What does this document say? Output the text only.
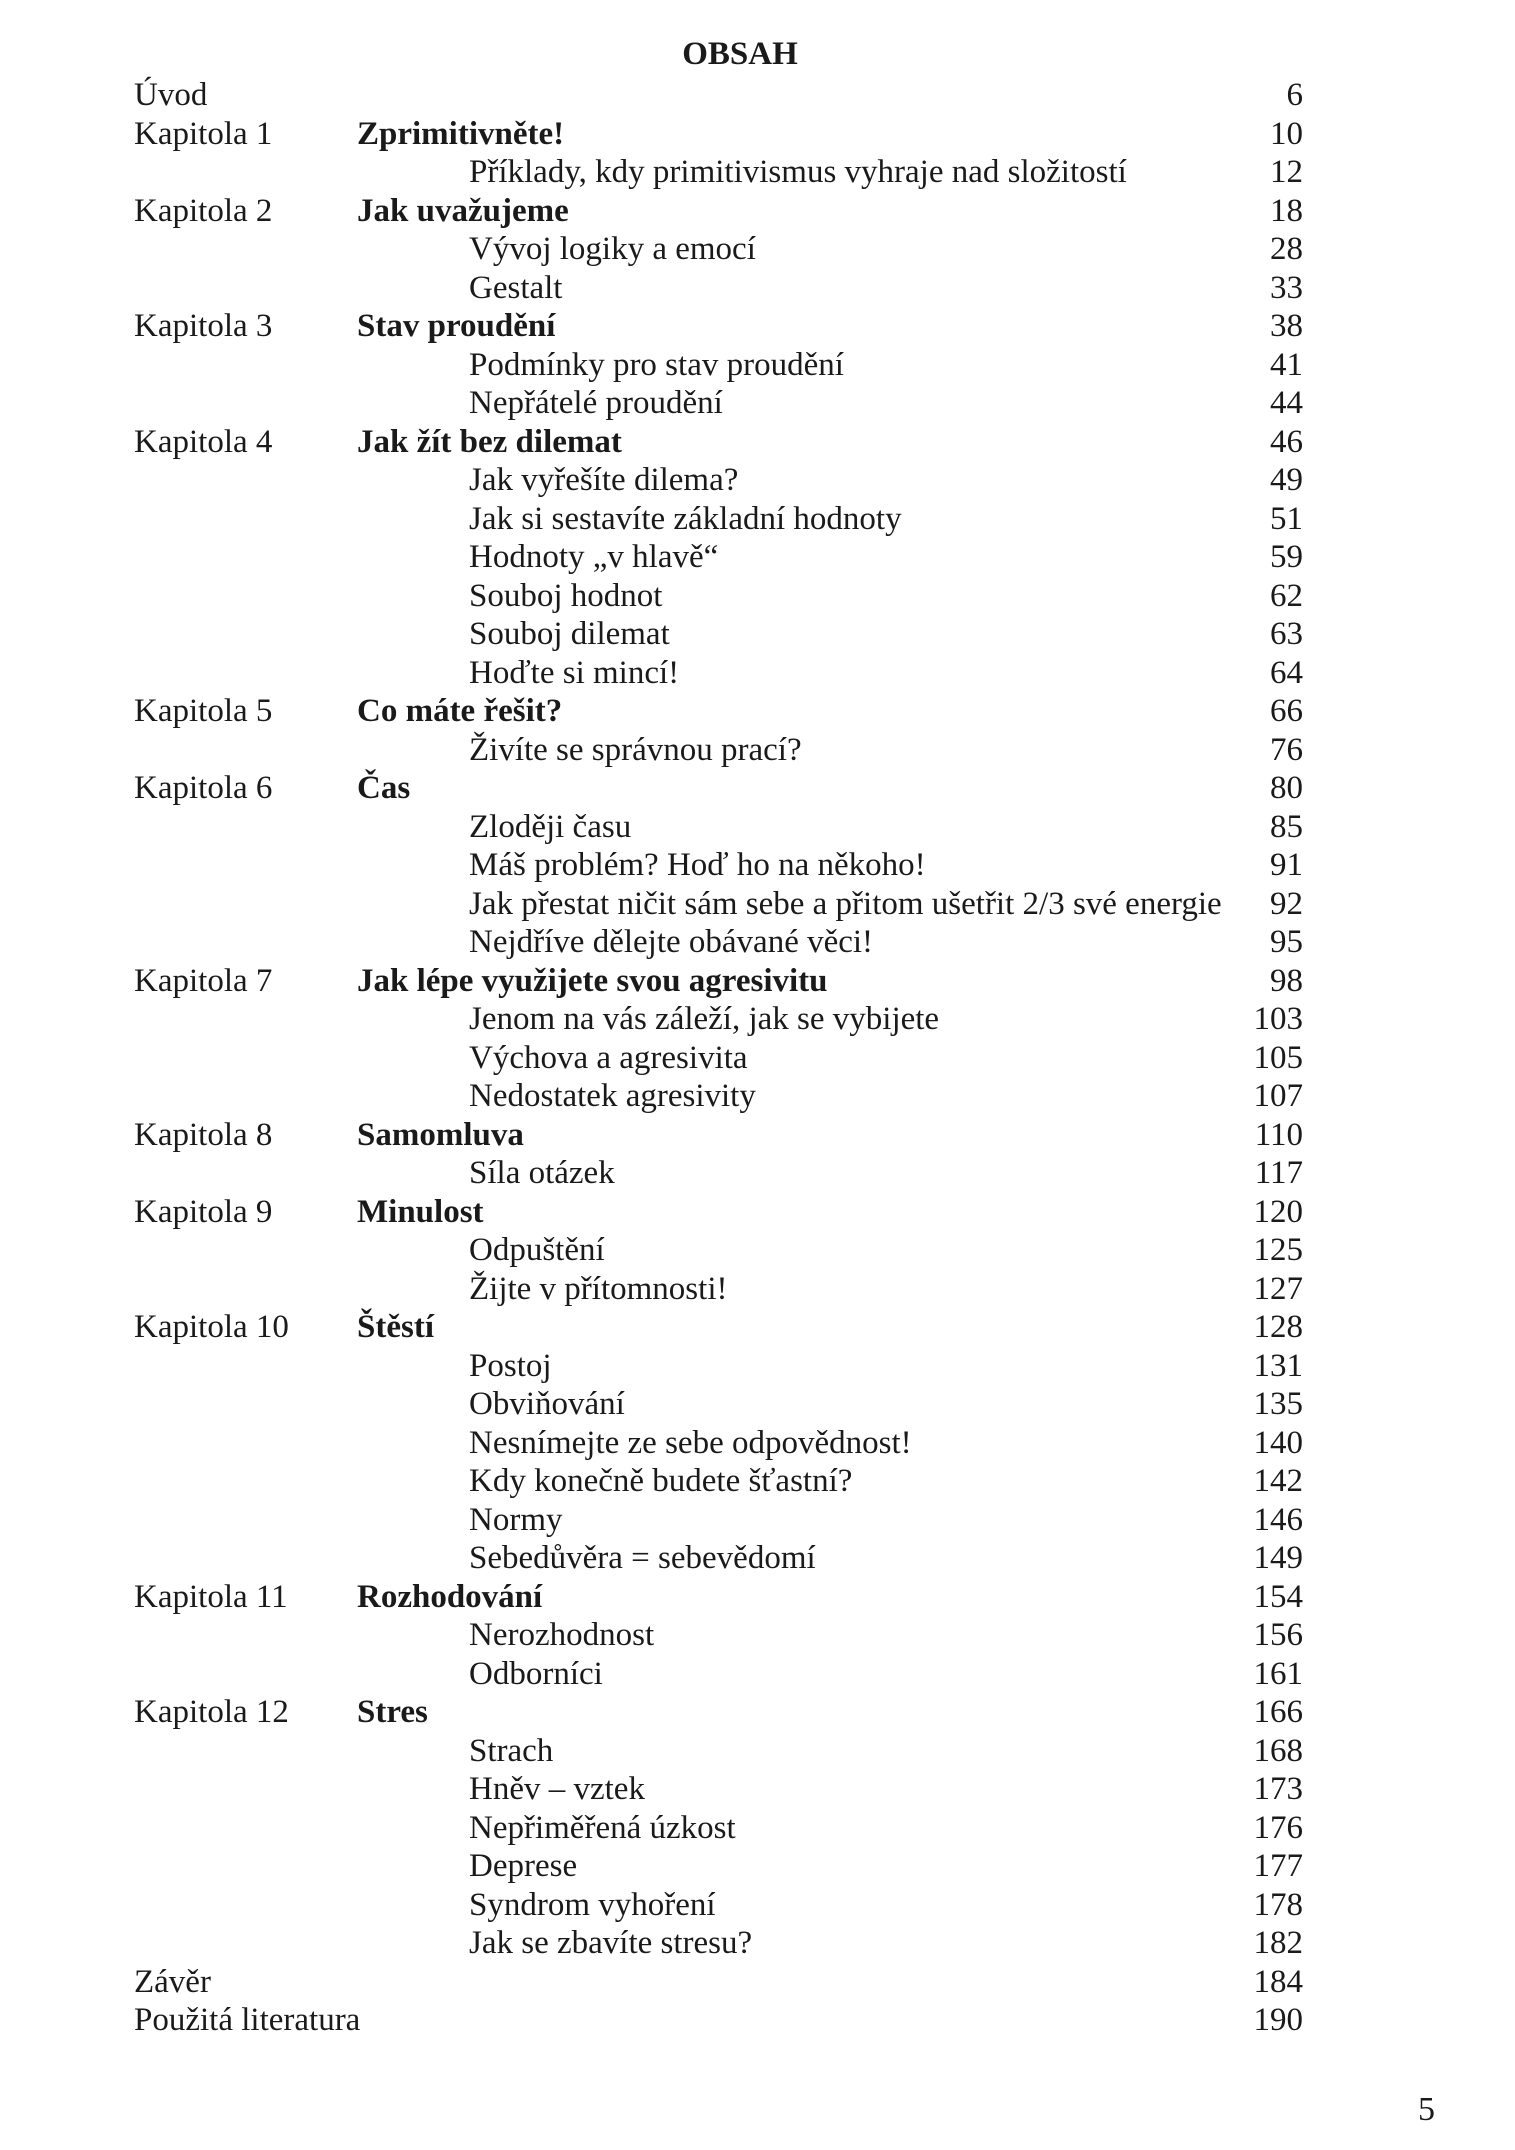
OBSAH
Úvod	6
Kapitola 1	Zprimitivněte!	10
Příklady, kdy primitivismus vyhraje nad složitostí	12
Kapitola 2	Jak uvažujeme	18
Vývoj logiky a emocí	28
Gestalt	33
Kapitola 3	Stav proudění	38
Podmínky pro stav proudění	41
Nepřátelé proudění	44
Kapitola 4	Jak žít bez dilemat	46
Jak vyřešíte dilema?	49
Jak si sestavíte základní hodnoty	51
Hodnoty „v hlavě“	59
Souboj hodnot	62
Souboj dilemat	63
Hoďte si mincí!	64
Kapitola 5	Co máte řešit?	66
Živíte se správnou prací?	76
Kapitola 6	Čas	80
Zloději času	85
Máš problém? Hoď ho na někoho!	91
Jak přestat ničit sám sebe a přitom ušetřit 2/3 své energie 92
Nejdříve dělejte obávané věci!	95
Kapitola 7	Jak lépe využijete svou agresivitu	98
Jenom na vás záleží, jak se vybijete	103
Výchova a agresivita	105
Nedostatek agresivity	107
Kapitola 8	Samomluva	110
Síla otázek	117
Kapitola 9	Minulost	120
Odpuštění	125
Žijte v přítomnosti!	127
Kapitola 10 Štěstí	128
Postoj	131
Obviňování	135
Nesnímejte ze sebe odpovědnost!	140
Kdy konečně budete šťastní?	142
Normy	146
Sebedůvěra = sebevědomí	149
Kapitola 11 Rozhodování	154
Nerozhodnost	156
Odborníci	161
Kapitola 12 Stres	166
Strach	168
Hněv – vztek	173
Nepřiměřená úzkost	176
Deprese	177
Syndrom vyhoření	178
Jak se zbavíte stresu?	182
Závěr	184
Použitá literatura	190
5
